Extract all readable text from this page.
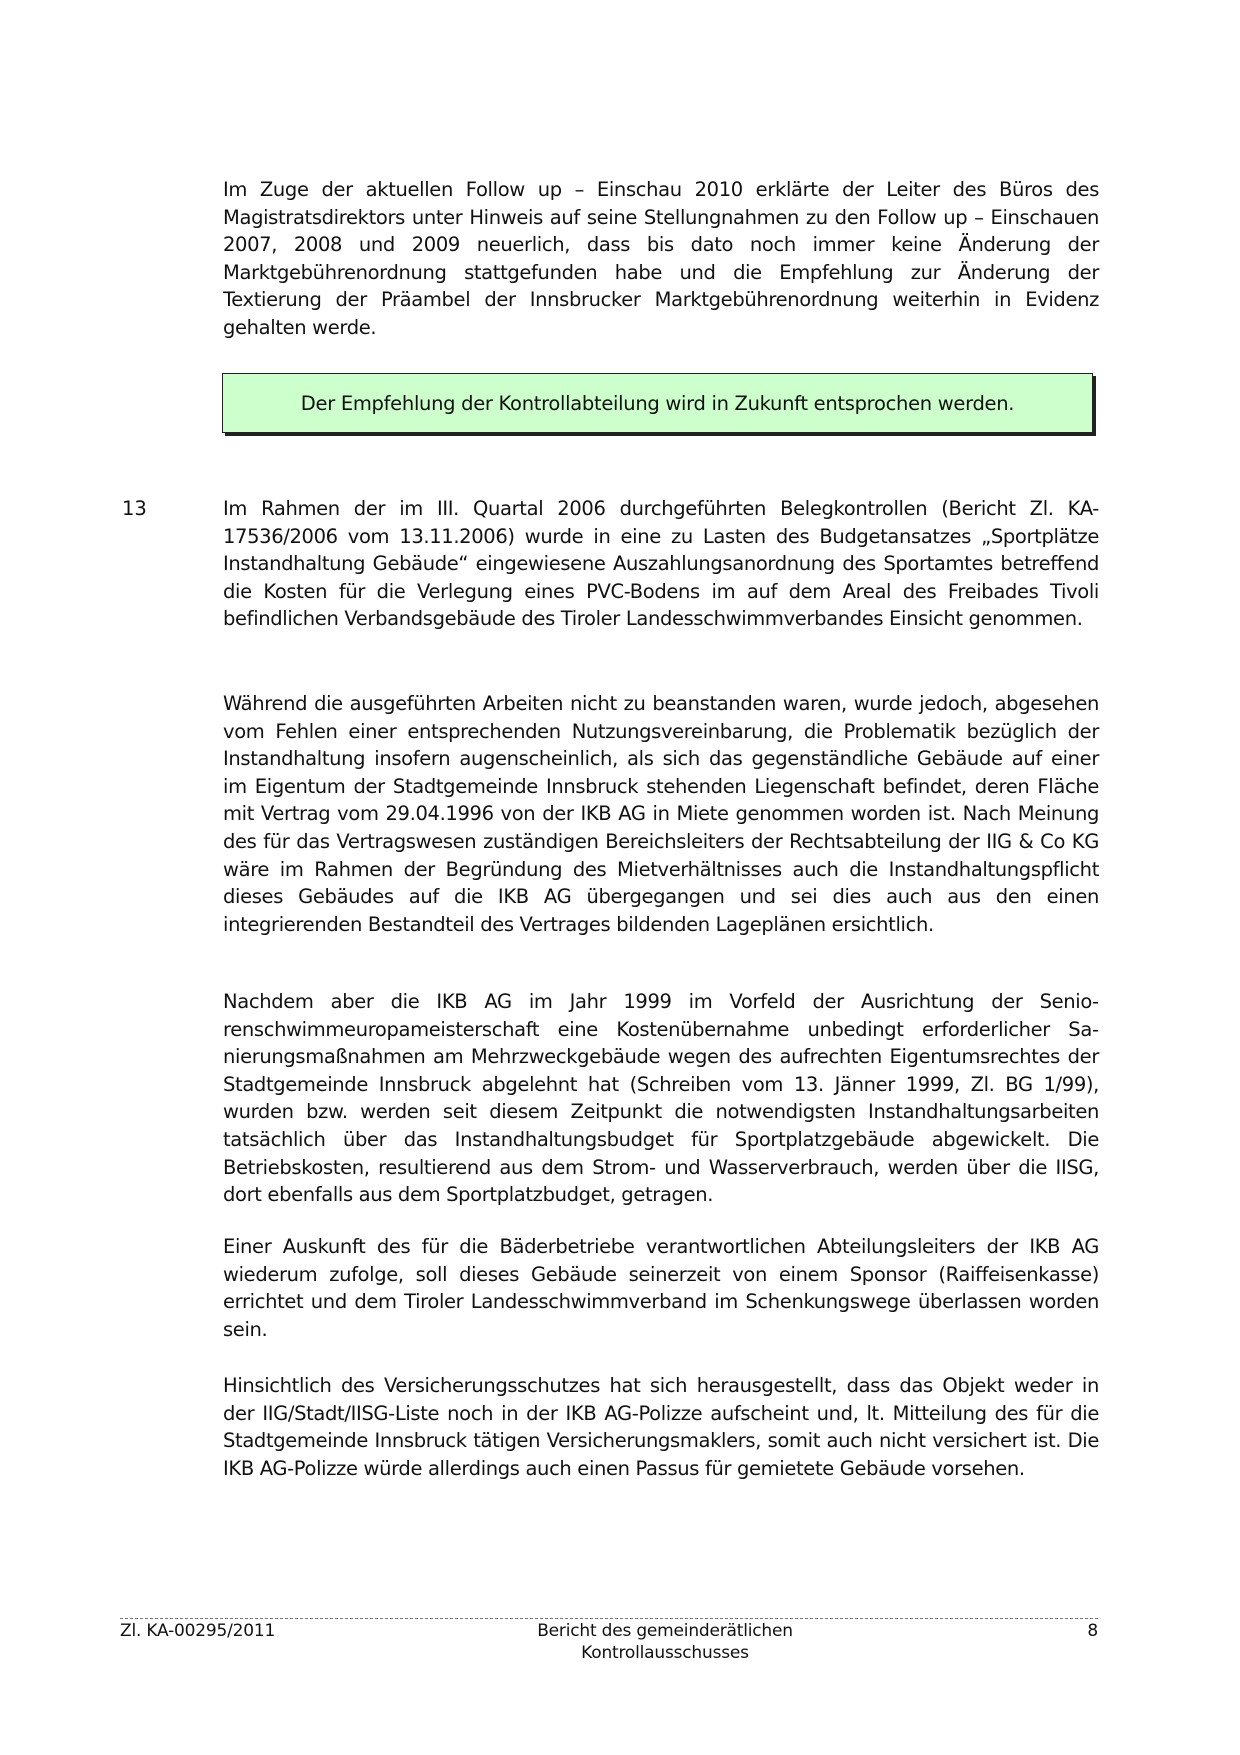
Im Zuge der aktuellen Follow up – Einschau 2010 erklärte der Leiter des Büros des Magistratsdirektors unter Hinweis auf seine Stellungnahmen zu den Follow up – Einschauen 2007, 2008 und 2009 neuerlich, dass bis dato noch immer keine Änderung der Marktgebührenordnung stattgefunden habe und die Empfehlung zur Änderung der Textierung der Präambel der Innsbrucker Marktgebührenordnung weiterhin in Evidenz gehalten werde.

Der Empfehlung der Kontrollabteilung wird in Zukunft entsprochen werden.
13	Im Rahmen der im III. Quartal 2006 durchgeführten Belegkontrollen (Bericht Zl. KA-17536/2006 vom 13.11.2006) wurde in eine zu Lasten des Budgetansatzes „Sportplätze Instandhaltung Gebäude“ eingewiesene Auszahlungsanordnung des Sportamtes betreffend die Kosten für die Verlegung eines PVC-Bodens im auf dem Areal des Freibades Tivoli befindlichen Verbandsgebäude des Tiroler Landesschwimmverbandes Einsicht genommen.

Während die ausgeführten Arbeiten nicht zu beanstanden waren, wurde jedoch, abgesehen vom Fehlen einer entsprechenden Nutzungsvereinbarung, die Problematik bezüglich der Instandhaltung insofern augenscheinlich, als sich das gegenständliche Gebäude auf einer im Eigentum der Stadtgemeinde Innsbruck stehenden Liegenschaft befindet, deren Fläche mit Vertrag vom 29.04.1996 von der IKB AG in Miete genommen worden ist. Nach Meinung des für das Vertragswesen zuständigen Bereichsleiters der Rechtsabteilung der IIG & Co KG wäre im Rahmen der Begründung des Mietverhältnisses auch die Instandhaltungspflicht dieses Gebäudes auf die IKB AG übergegangen und sei dies auch aus den einen integrierenden Bestandteil des Vertrages bildenden Lageplänen ersichtlich.

Nachdem aber die IKB AG im Jahr 1999 im Vorfeld der Ausrichtung der Seniorenschwimmeuropameisterschaft eine Kostenübernahme unbedingt erforderlicher Sanierungsmaßnahmen am Mehrzweckgebäude wegen des aufrechten Eigentumsrechtes der Stadtgemeinde Innsbruck abgelehnt hat (Schreiben vom 13. Jänner 1999, Zl. BG 1/99), wurden bzw. werden seit diesem Zeitpunkt die notwendigsten Instandhaltungsarbeiten tatsächlich über das Instandhaltungsbudget für Sportplatzgebäude abgewickelt. Die Betriebskosten, resultierend aus dem Strom- und Wasserverbrauch, werden über die IISG, dort ebenfalls aus dem Sportplatzbudget, getragen.

Einer Auskunft des für die Bäderbetriebe verantwortlichen Abteilungsleiters der IKB AG wiederum zufolge, soll dieses Gebäude seinerzeit von einem Sponsor (Raiffeisenkasse) errichtet und dem Tiroler Landesschwimmverband im Schenkungswege überlassen worden sein.

Hinsichtlich des Versicherungsschutzes hat sich herausgestellt, dass das Objekt weder in der IIG/Stadt/IISG-Liste noch in der IKB AG-Polizze aufscheint und, lt. Mitteilung des für die Stadtgemeinde Innsbruck tätigen Versicherungsmaklers, somit auch nicht versichert ist. Die IKB AG-Polizze würde allerdings auch einen Passus für gemietete Gebäude vorsehen.

Zl. KA-00295/2011	Bericht des gemeinderätlichen Kontrollausschusses
8
